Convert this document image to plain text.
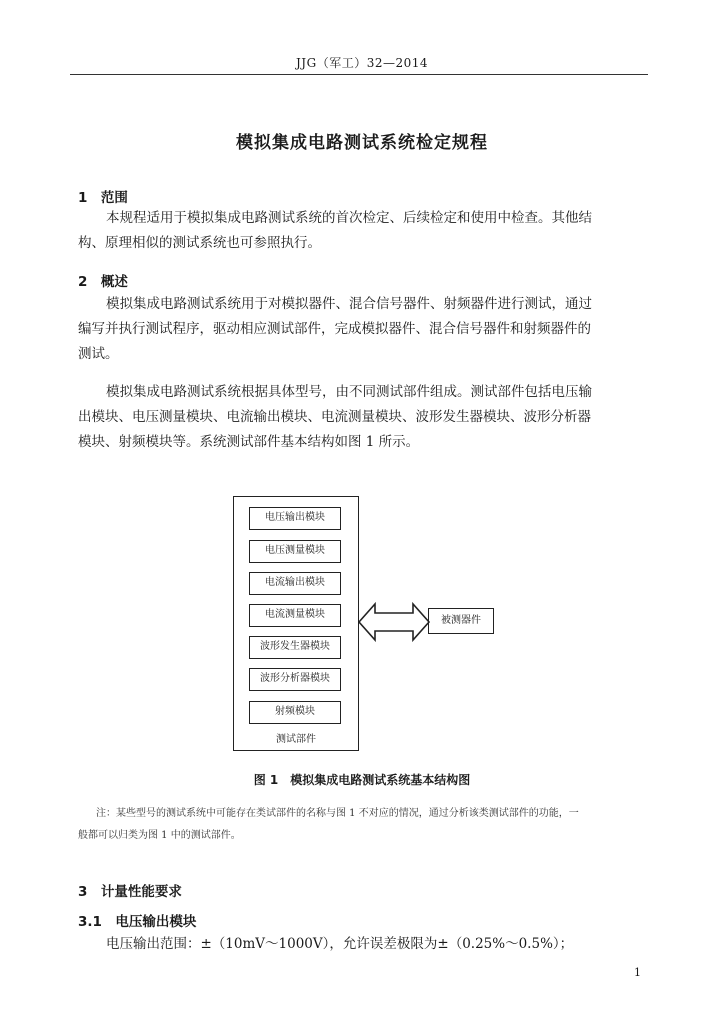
JJG（军工）32—2014
模拟集成电路测试系统检定规程
1　范围
本规程适用于模拟集成电路测试系统的首次检定、后续检定和使用中检查。其他结
构、原理相似的测试系统也可参照执行。
2　概述
模拟集成电路测试系统用于对模拟器件、混合信号器件、射频器件进行测试，通过
编写并执行测试程序，驱动相应测试部件，完成模拟器件、混合信号器件和射频器件的
测试。
模拟集成电路测试系统根据具体型号，由不同测试部件组成。测试部件包括电压输
出模块、电压测量模块、电流输出模块、电流测量模块、波形发生器模块、波形分析器
模块、射频模块等。系统测试部件基本结构如图 1 所示。
电压输出模块
电压测量模块
电流输出模块
电流测量模块
波形发生器模块
波形分析器模块
射频模块
测试部件
被测器件
图 1　模拟集成电路测试系统基本结构图
注：某些型号的测试系统中可能存在类试部件的名称与图 1 不对应的情况，通过分析该类测试部件的功能，一
般都可以归类为图 1 中的测试部件。
3　计量性能要求
3.1　电压输出模块
电压输出范围：±（10mV～1000V），允许误差极限为±（0.25%～0.5%）；
1
